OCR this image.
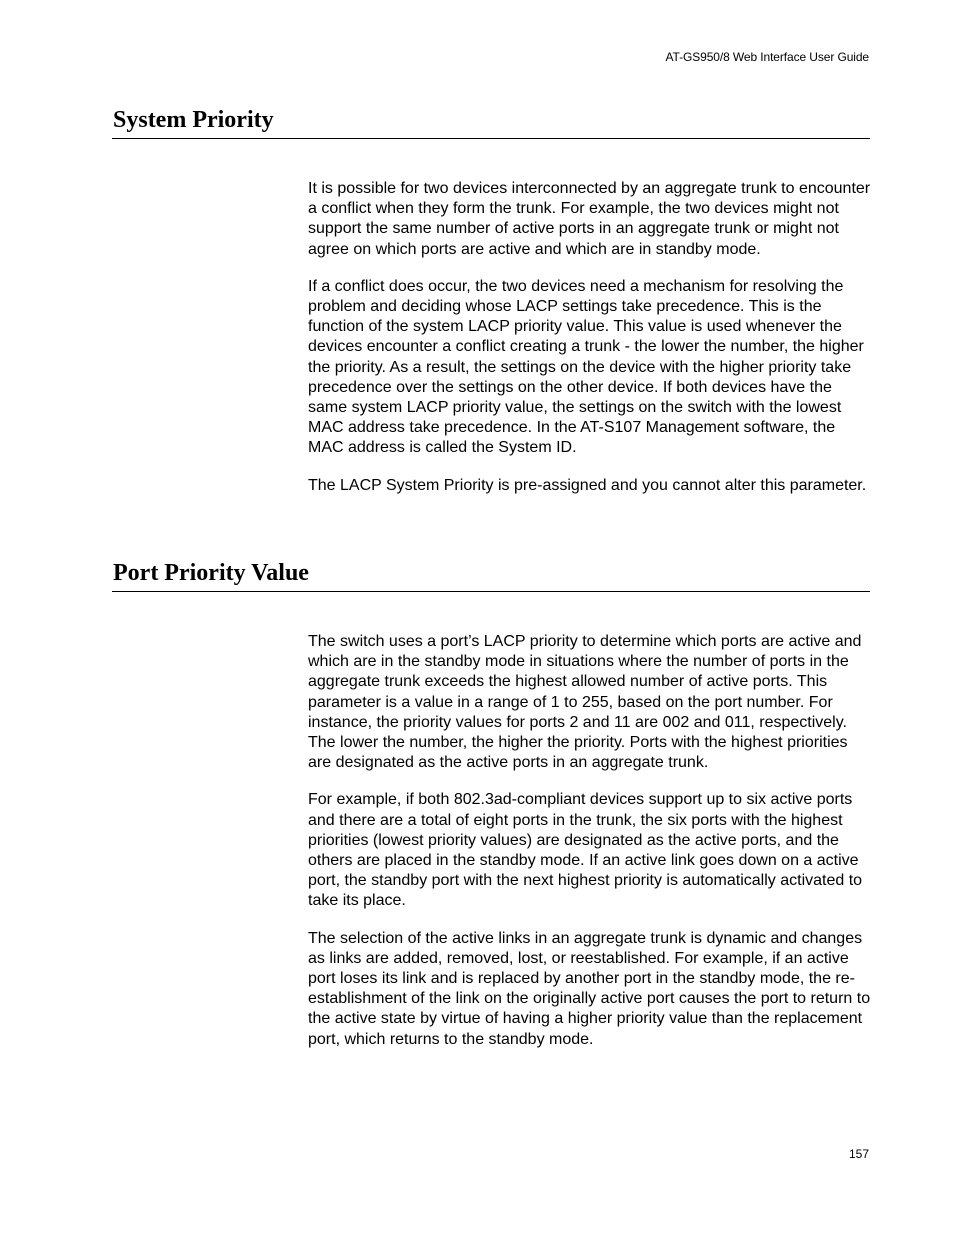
AT-GS950/8 Web Interface User Guide
System Priority

It is possible for two devices interconnected by an aggregate trunk to encounter a conflict when they form the trunk. For example, the two devices might not support the same number of active ports in an aggregate trunk or might not agree on which ports are active and which are in standby mode.

If a conflict does occur, the two devices need a mechanism for resolving the problem and deciding whose LACP settings take precedence. This is the function of the system LACP priority value. This value is used whenever the devices encounter a conflict creating a trunk - the lower the number, the higher the priority. As a result, the settings on the device with the higher priority take precedence over the settings on the other device. If both devices have the same system LACP priority value, the settings on the switch with the lowest MAC address take precedence. In the AT-S107 Management software, the MAC address is called the System ID.

The LACP System Priority is pre-assigned and you cannot alter this parameter.

Port Priority Value

The switch uses a port’s LACP priority to determine which ports are active and which are in the standby mode in situations where the number of ports in the aggregate trunk exceeds the highest allowed number of active ports. This parameter is a value in a range of 1 to 255, based on the port number. For instance, the priority values for ports 2 and 11 are 002 and 011, respectively. The lower the number, the higher the priority. Ports with the highest priorities are designated as the active ports in an aggregate trunk.

For example, if both 802.3ad-compliant devices support up to six active ports and there are a total of eight ports in the trunk, the six ports with the highest priorities (lowest priority values) are designated as the active ports, and the others are placed in the standby mode. If an active link goes down on a active port, the standby port with the next highest priority is automatically activated to take its place.

The selection of the active links in an aggregate trunk is dynamic and changes as links are added, removed, lost, or reestablished. For example, if an active port loses its link and is replaced by another port in the standby mode, the re-establishment of the link on the originally active port causes the port to return to the active state by virtue of having a higher priority value than the replacement port, which returns to the standby mode.

157
